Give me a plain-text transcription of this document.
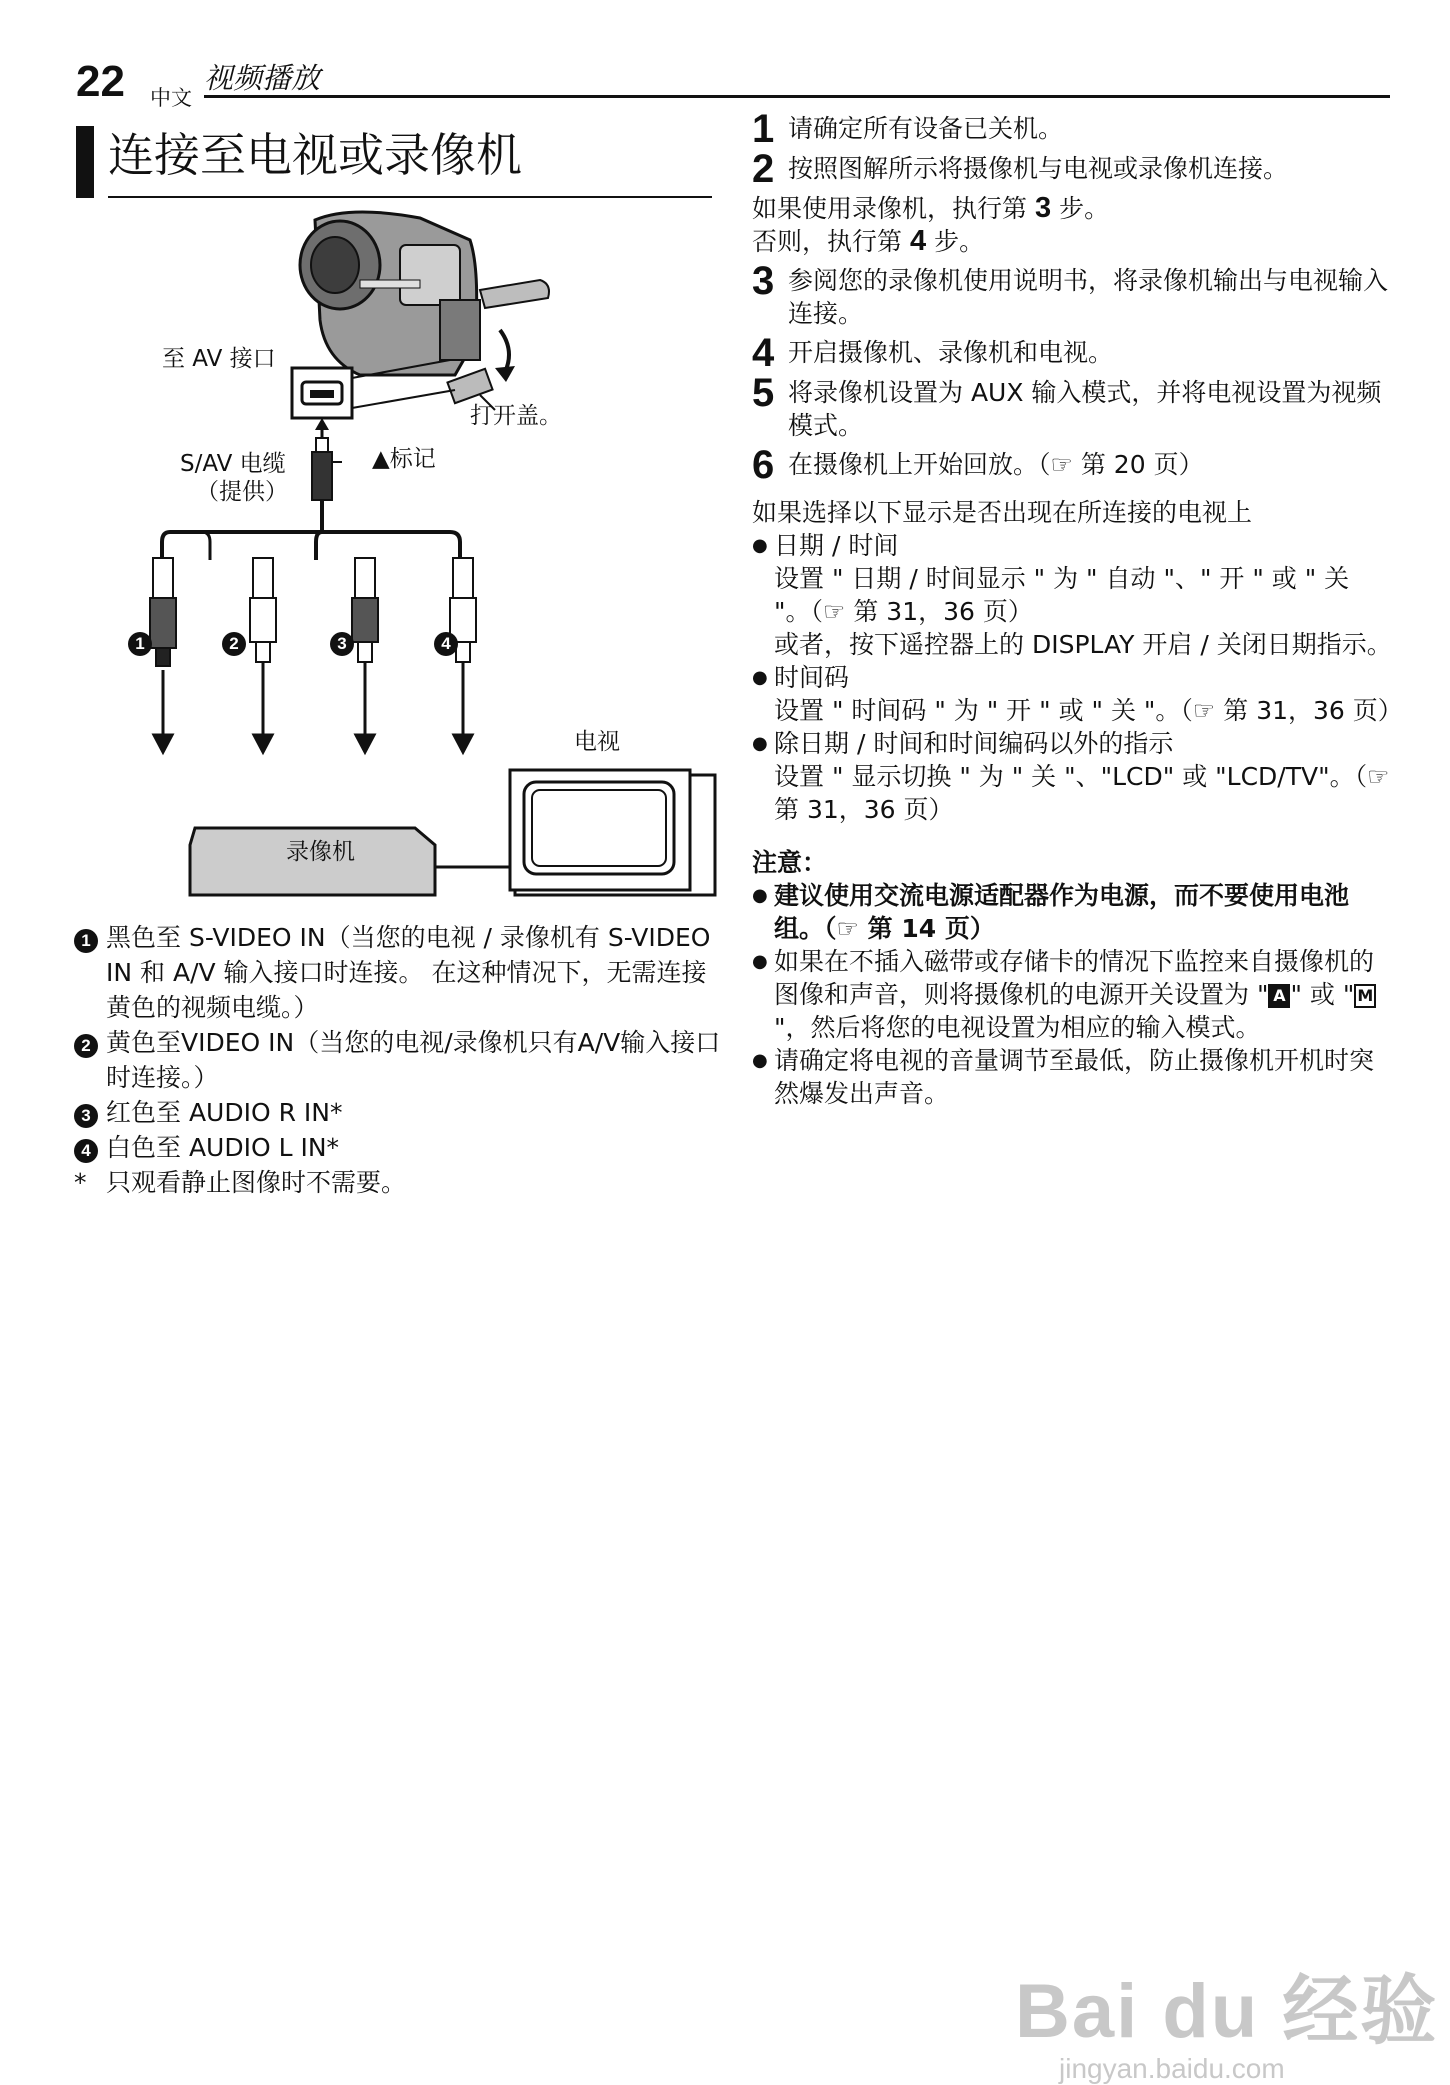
22 中文
视频播放
连接至电视或录像机
至 AV 接口
打开盖。
▲标记
S/AV 电缆
（提供）
1	2	3	4
电视
录像机
1 黑色至 S-VIDEO IN（当您的电视 / 录像机有 S-VIDEO IN 和 A/V 输入接口时连接。 在这种情况下，无需连接黄色的视频电缆。）
2 黄色至VIDEO IN（当您的电视/录像机只有A/V输入接口时连接。）
3 红色至 AUDIO R IN*
4 白色至 AUDIO L IN*
* 只观看静止图像时不需要。
1 请确定所有设备已关机。
2 按照图解所示将摄像机与电视或录像机连接。
如果使用录像机，执行第 3 步。
否则，执行第 4 步。
3 参阅您的录像机使用说明书，将录像机输出与电视输入连接。
4 开启摄像机、录像机和电视。
5 将录像机设置为 AUX 输入模式，并将电视设置为视频模式。
6 在摄像机上开始回放。（☞ 第 20 页）
如果选择以下显示是否出现在所连接的电视上
● 日期 / 时间
设置 " 日期 / 时间显示 " 为 " 自动 "、" 开 " 或 " 关 "。（☞ 第 31，36 页）
或者，按下遥控器上的 DISPLAY 开启 / 关闭日期指示。
● 时间码
设置 " 时间码 " 为 " 开 " 或 " 关 "。（☞ 第 31，36 页）
● 除日期 / 时间和时间编码以外的指示
设置 " 显示切换 " 为 " 关 "、"LCD" 或 "LCD/TV"。（☞ 第 31，36 页）
注意：
● 建议使用交流电源适配器作为电源，而不要使用电池组。（☞ 第 14 页）
● 如果在不插入磁带或存储卡的情况下监控来自摄像机的图像和声音，则将摄像机的电源开关设置为 " A " 或 " M"，然后将您的电视设置为相应的输入模式。
● 请确定将电视的音量调节至最低，防止摄像机开机时突然爆发出声音。
Bai du 经验
jingyan.baidu.com
